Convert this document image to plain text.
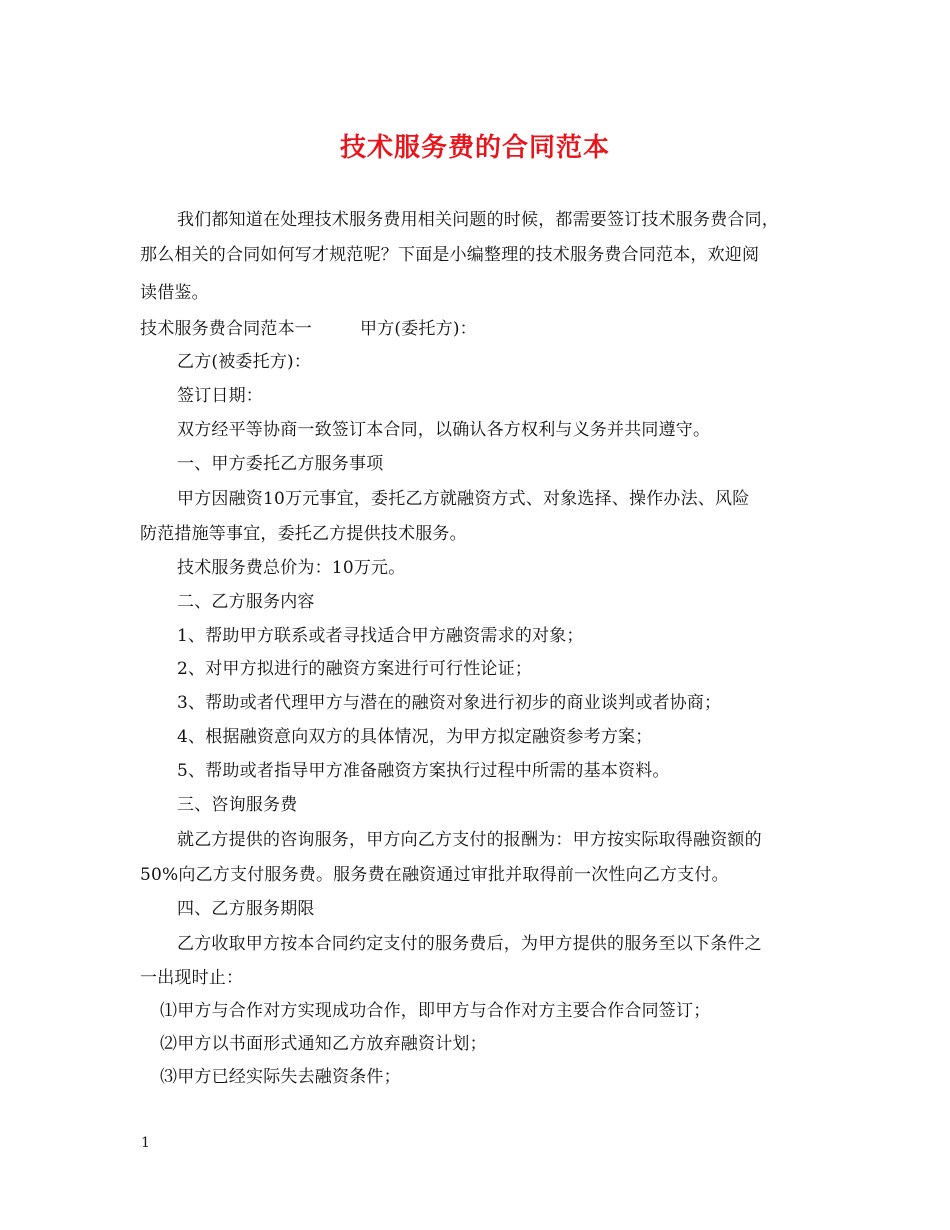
技术服务费的合同范本
我们都知道在处理技术服务费用相关问题的时候，都需要签订技术服务费合同，
那么相关的合同如何写才规范呢？下面是小编整理的技术服务费合同范本，欢迎阅
读借鉴。
技术服务费合同范本一	甲方(委托方)：
乙方(被委托方)：
签订日期：
双方经平等协商一致签订本合同，以确认各方权利与义务并共同遵守。
一、甲方委托乙方服务事项
甲方因融资10万元事宜，委托乙方就融资方式、对象选择、操作办法、风险
防范措施等事宜，委托乙方提供技术服务。
技术服务费总价为：10万元。
二、乙方服务内容
1、帮助甲方联系或者寻找适合甲方融资需求的对象；
2、对甲方拟进行的融资方案进行可行性论证；
3、帮助或者代理甲方与潜在的融资对象进行初步的商业谈判或者协商；
4、根据融资意向双方的具体情况，为甲方拟定融资参考方案；
5、帮助或者指导甲方准备融资方案执行过程中所需的基本资料。
三、咨询服务费
就乙方提供的咨询服务，甲方向乙方支付的报酬为：甲方按实际取得融资额的
50%向乙方支付服务费。服务费在融资通过审批并取得前一次性向乙方支付。
四、乙方服务期限
乙方收取甲方按本合同约定支付的服务费后，为甲方提供的服务至以下条件之
一出现时止：
⑴甲方与合作对方实现成功合作，即甲方与合作对方主要合作合同签订；
⑵甲方以书面形式通知乙方放弃融资计划；
⑶甲方已经实际失去融资条件；
1
